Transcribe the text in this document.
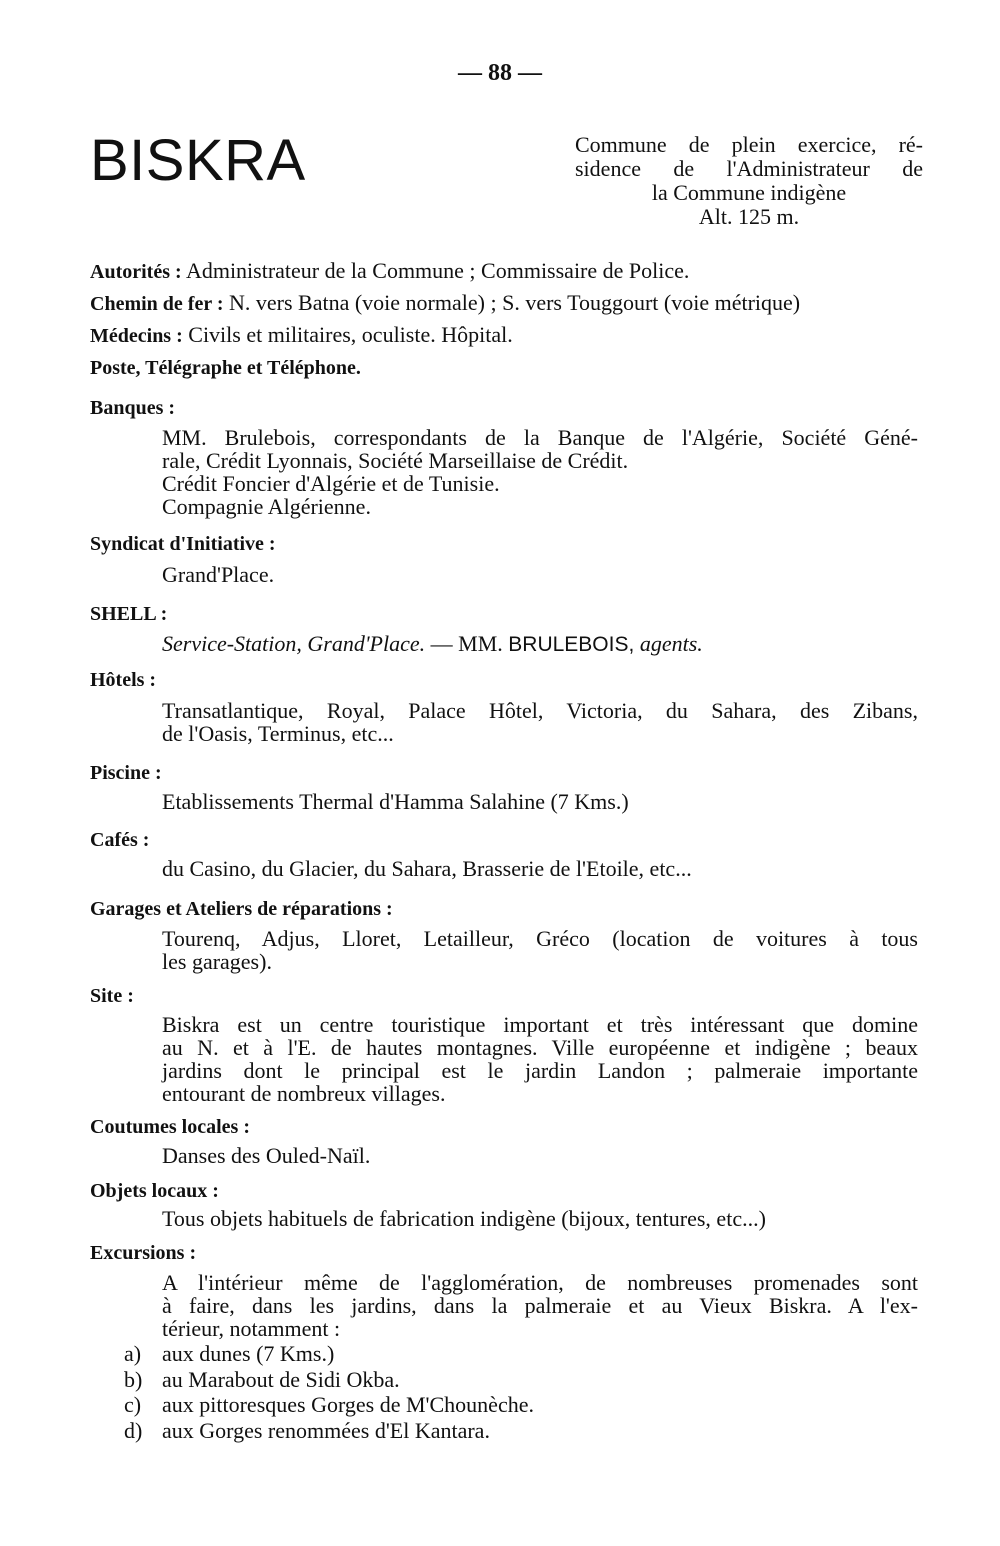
— 88 —
BISKRA	Commune de plein exercice, ré-
sidence de l'Administrateur de
la Commune indigène
Alt. 125 m.
Autorités : Administrateur de la Commune ; Commissaire de Police.
Chemin de fer : N. vers Batna (voie normale) ; S. vers Touggourt (voie métrique)
Médecins : Civils et militaires, oculiste. Hôpital.
Poste, Télégraphe et Téléphone.
Banques :
MM. Brulebois, correspondants de la Banque de l'Algérie, Société Géné-
rale, Crédit Lyonnais, Société Marseillaise de Crédit.
Crédit Foncier d'Algérie et de Tunisie.
Compagnie Algérienne.
Syndicat d'Initiative :
Grand'Place.
SHELL :
Service-Station, Grand'Place. — MM. BRULEBOIS, agents.
Hôtels :
Transatlantique, Royal, Palace Hôtel, Victoria, du Sahara, des Zibans,
de l'Oasis, Terminus, etc...
Piscine :
Etablissements Thermal d'Hamma Salahine (7 Kms.)
Cafés :
du Casino, du Glacier, du Sahara, Brasserie de l'Etoile, etc...
Garages et Ateliers de réparations :
Tourenq, Adjus, Lloret, Letailleur, Gréco (location de voitures à tous
les garages).
Site :
Biskra est un centre touristique important et très intéressant que domine
au N. et à l'E. de hautes montagnes. Ville européenne et indigène ; beaux
jardins dont le principal est le jardin Landon ; palmeraie importante
entourant de nombreux villages.
Coutumes locales :
Danses des Ouled-Naïl.
Objets locaux :
Tous objets habituels de fabrication indigène (bijoux, tentures, etc...)
Excursions :
A l'intérieur même de l'agglomération, de nombreuses promenades sont
à faire, dans les jardins, dans la palmeraie et au Vieux Biskra. A l'ex-
térieur, notamment :
a) aux dunes (7 Kms.)
b) au Marabout de Sidi Okba.
c) aux pittoresques Gorges de M'Chounèche.
d) aux Gorges renommées d'El Kantara.
